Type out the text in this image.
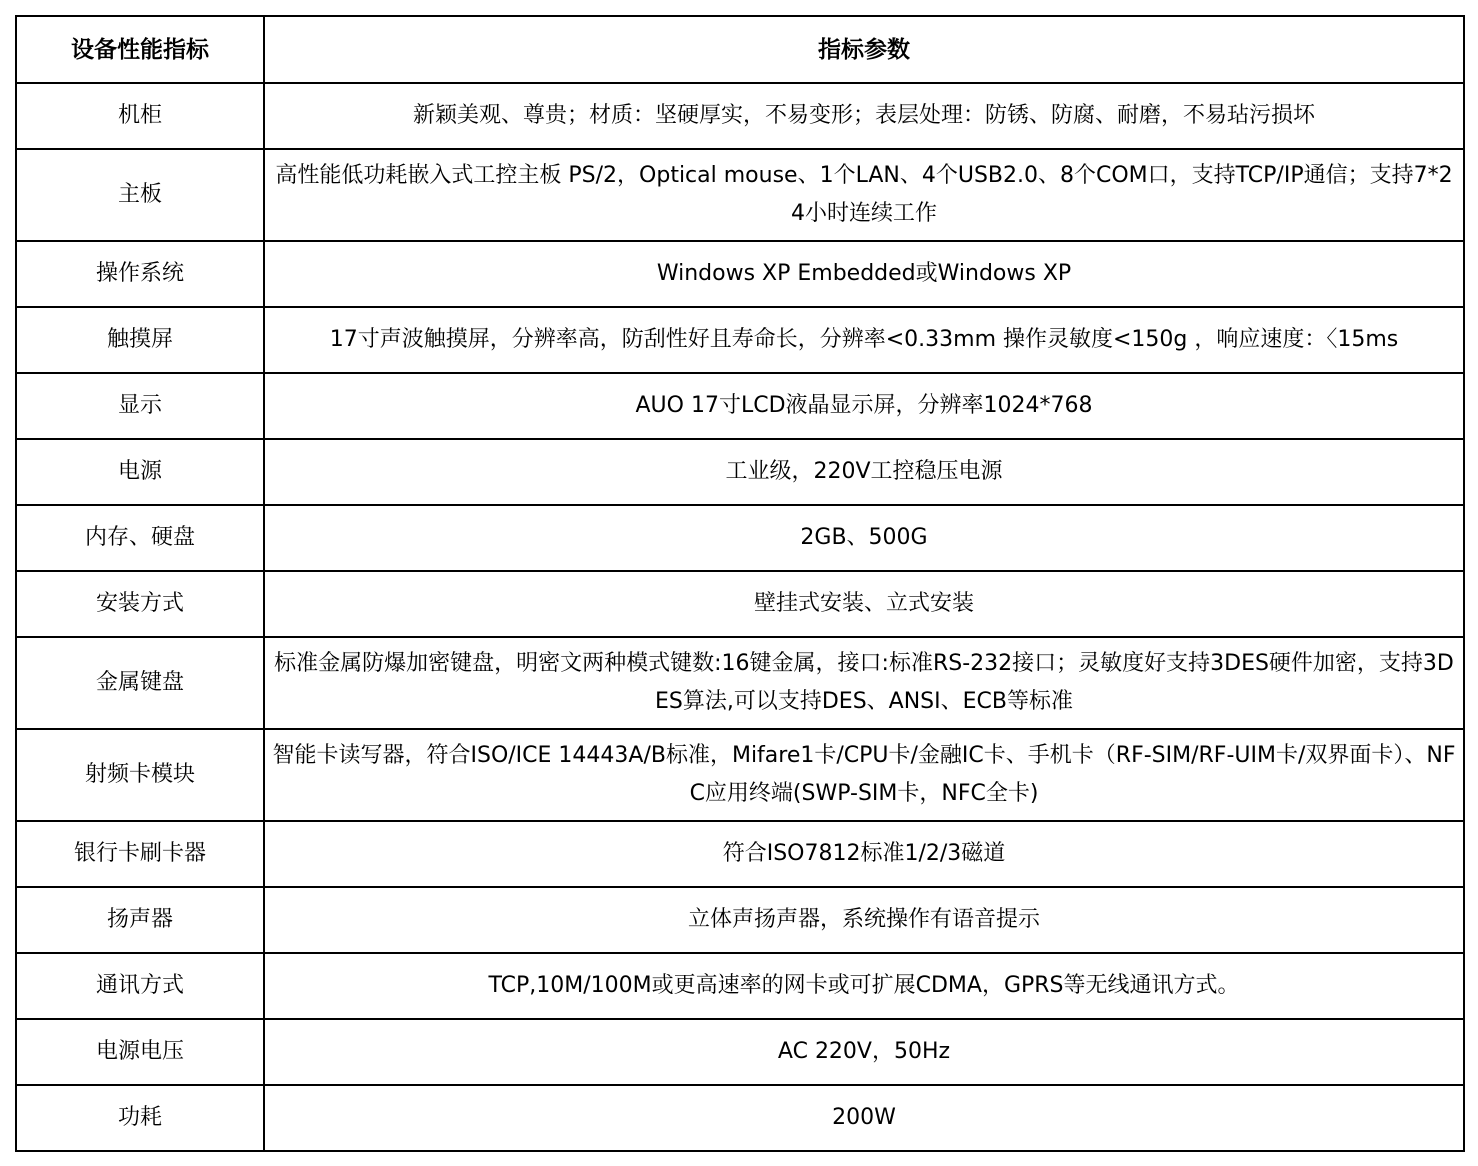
设备性能指标	指标参数
机柜	新颖美观、尊贵；材质：坚硬厚实，不易变形；表层处理：防锈、防腐、耐磨，不易玷污损坏
主板	高性能低功耗嵌入式工控主板 PS/2，Optical mouse、1个LAN、4个USB2.0、8个COM口，支持TCP/IP通信；支持7*24小时连续工作
操作系统	Windows XP Embedded或Windows XP
触摸屏	17寸声波触摸屏，分辨率高，防刮性好且寿命长，分辨率<0.33mm 操作灵敏度<150g ，响应速度：〈15ms
显示	AUO 17寸LCD液晶显示屏，分辨率1024*768
电源	工业级，220V工控稳压电源
内存、硬盘	2GB、500G
安装方式	壁挂式安装、立式安装
金属键盘	标准金属防爆加密键盘，明密文两种模式键数:16键金属，接口:标准RS-232接口；灵敏度好支持3DES硬件加密，支持3DES算法,可以支持DES、ANSI、ECB等标准
射频卡模块	智能卡读写器，符合ISO/ICE 14443A/B标准，Mifare1卡/CPU卡/金融IC卡、手机卡（RF-SIM/RF-UIM卡/双界面卡）、NFC应用终端(SWP-SIM卡，NFC全卡)
银行卡刷卡器	符合ISO7812标准1/2/3磁道
扬声器	立体声扬声器，系统操作有语音提示
通讯方式	TCP,10M/100M或更高速率的网卡或可扩展CDMA，GPRS等无线通讯方式。
电源电压	AC 220V，50Hz
功耗	200W
